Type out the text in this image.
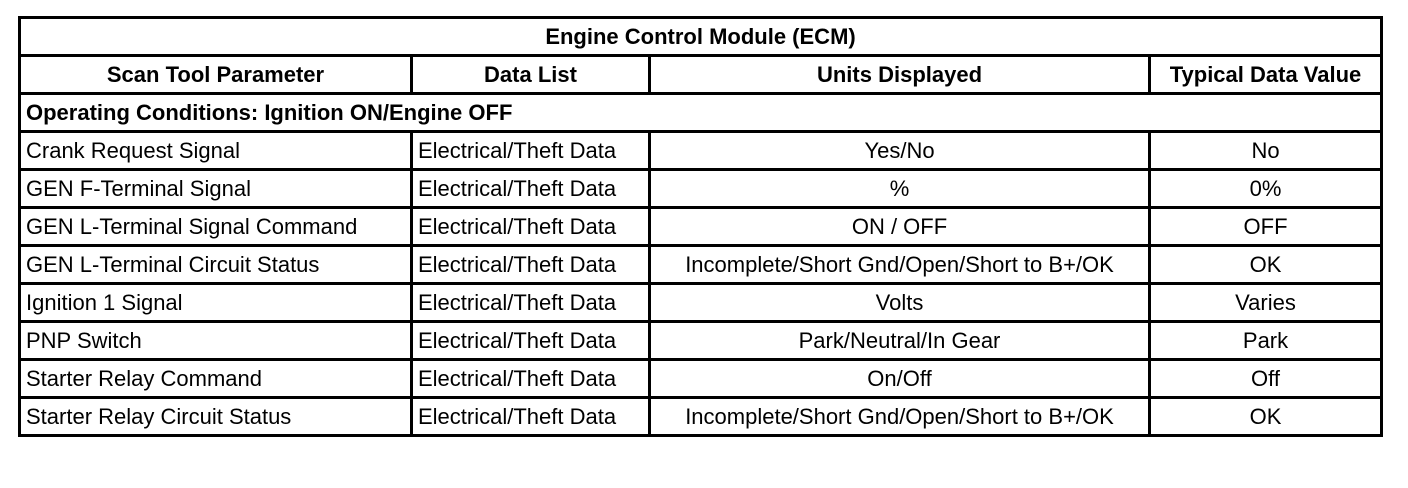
Engine Control Module (ECM)			
Scan Tool Parameter	Data List	Units Displayed	Typical Data Value
Operating Conditions: Ignition ON/Engine OFF			
Crank Request Signal	Electrical/Theft Data	Yes/No	No
GEN F-Terminal Signal	Electrical/Theft Data	%	0%
GEN L-Terminal Signal Command	Electrical/Theft Data	ON / OFF	OFF
GEN L-Terminal Circuit Status	Electrical/Theft Data	Incomplete/Short Gnd/Open/Short to B+/OK	OK
Ignition 1 Signal	Electrical/Theft Data	Volts	Varies
PNP Switch	Electrical/Theft Data	Park/Neutral/In Gear	Park
Starter Relay Command	Electrical/Theft Data	On/Off	Off
Starter Relay Circuit Status	Electrical/Theft Data	Incomplete/Short Gnd/Open/Short to B+/OK	OK
